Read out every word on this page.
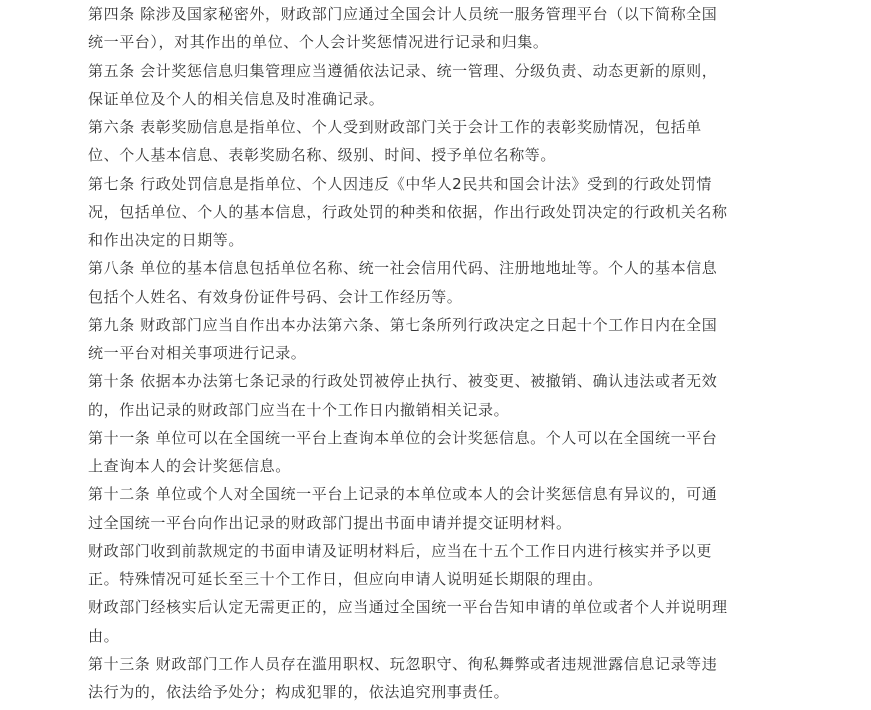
第四条 除涉及国家秘密外，财政部门应通过全国会计人员统一服务管理平台（以下简称全国
统一平台），对其作出的单位、个人会计奖惩情况进行记录和归集。
第五条 会计奖惩信息归集管理应当遵循依法记录、统一管理、分级负责、动态更新的原则，
保证单位及个人的相关信息及时准确记录。
第六条 表彰奖励信息是指单位、个人受到财政部门关于会计工作的表彰奖励情况，包括单
位、个人基本信息、表彰奖励名称、级别、时间、授予单位名称等。
第七条 行政处罚信息是指单位、个人因违反《中华人2民共和国会计法》受到的行政处罚情
况，包括单位、个人的基本信息，行政处罚的种类和依据，作出行政处罚决定的行政机关名称
和作出决定的日期等。
第八条 单位的基本信息包括单位名称、统一社会信用代码、注册地地址等。个人的基本信息
包括个人姓名、有效身份证件号码、会计工作经历等。
第九条 财政部门应当自作出本办法第六条、第七条所列行政决定之日起十个工作日内在全国
统一平台对相关事项进行记录。
第十条 依据本办法第七条记录的行政处罚被停止执行、被变更、被撤销、确认违法或者无效
的，作出记录的财政部门应当在十个工作日内撤销相关记录。
第十一条 单位可以在全国统一平台上查询本单位的会计奖惩信息。个人可以在全国统一平台
上查询本人的会计奖惩信息。
第十二条 单位或个人对全国统一平台上记录的本单位或本人的会计奖惩信息有异议的，可通
过全国统一平台向作出记录的财政部门提出书面申请并提交证明材料。
财政部门收到前款规定的书面申请及证明材料后，应当在十五个工作日内进行核实并予以更
正。特殊情况可延长至三十个工作日，但应向申请人说明延长期限的理由。
财政部门经核实后认定无需更正的，应当通过全国统一平台告知申请的单位或者个人并说明理
由。
第十三条 财政部门工作人员存在滥用职权、玩忽职守、徇私舞弊或者违规泄露信息记录等违
法行为的，依法给予处分；构成犯罪的，依法追究刑事责任。
